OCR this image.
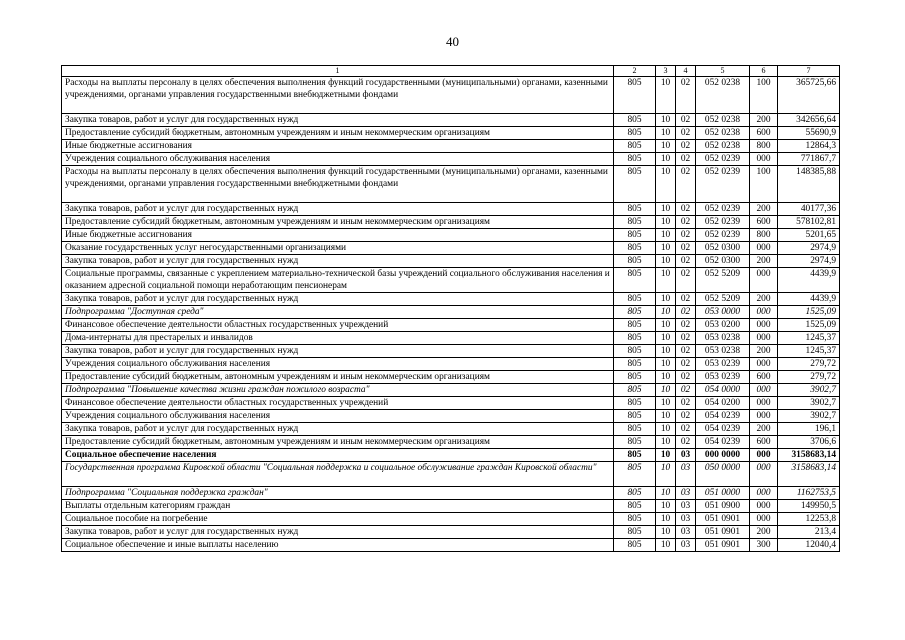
40
1	2	3	4	5	6	7
Расходы на выплаты персоналу в целях обеспечения выполнения функций государственными (муниципальными) органами, казенными учреждениями, органами управления государственными внебюджетными фондами	805	10	02	052 0238	100	365725,66
Закупка товаров, работ и услуг для государственных нужд	805	10	02	052 0238	200	342656,64
Предоставление субсидий бюджетным, автономным учреждениям и иным некоммерческим организациям	805	10	02	052 0238	600	55690,9
Иные бюджетные ассигнования	805	10	02	052 0238	800	12864,3
Учреждения социального обслуживания населения	805	10	02	052 0239	000	771867,7
Расходы на выплаты персоналу в целях обеспечения выполнения функций государственными (муниципальными) органами, казенными учреждениями, органами управления государственными внебюджетными фондами	805	10	02	052 0239	100	148385,88
Закупка товаров, работ и услуг для государственных нужд	805	10	02	052 0239	200	40177,36
Предоставление субсидий бюджетным, автономным учреждениям и иным некоммерческим организациям	805	10	02	052 0239	600	578102,81
Иные бюджетные ассигнования	805	10	02	052 0239	800	5201,65
Оказание государственных услуг негосударственными организациями	805	10	02	052 0300	000	2974,9
Закупка товаров, работ и услуг для государственных нужд	805	10	02	052 0300	200	2974,9
Социальные программы, связанные с укреплением материально-технической базы учреждений социального обслуживания населения и оказанием адресной социальной помощи неработающим пенсионерам	805	10	02	052 5209	000	4439,9
Закупка товаров, работ и услуг для государственных нужд	805	10	02	052 5209	200	4439,9
Подпрограмма "Доступная среда"	805	10	02	053 0000	000	1525,09
Финансовое обеспечение деятельности областных государственных учреждений	805	10	02	053 0200	000	1525,09
Дома-интернаты для престарелых и инвалидов	805	10	02	053 0238	000	1245,37
Закупка товаров, работ и услуг для государственных нужд	805	10	02	053 0238	200	1245,37
Учреждения социального обслуживания населения	805	10	02	053 0239	000	279,72
Предоставление субсидий бюджетным, автономным учреждениям и иным некоммерческим организациям	805	10	02	053 0239	600	279,72
Подпрограмма "Повышение качества жизни граждан пожилого возраста"	805	10	02	054 0000	000	3902,7
Финансовое обеспечение деятельности областных государственных учреждений	805	10	02	054 0200	000	3902,7
Учреждения социального обслуживания населения	805	10	02	054 0239	000	3902,7
Закупка товаров, работ и услуг для государственных нужд	805	10	02	054 0239	200	196,1
Предоставление субсидий бюджетным, автономным учреждениям и иным некоммерческим организациям	805	10	02	054 0239	600	3706,6
Социальное обеспечение населения	805	10	03	000 0000	000	3158683,14
Государственная программа Кировской области "Социальная поддержка и социальное обслуживание граждан Кировской области"	805	10	03	050 0000	000	3158683,14
Подпрограмма "Социальная поддержка граждан"	805	10	03	051 0000	000	1162753,5
Выплаты отдельным категориям граждан	805	10	03	051 0900	000	149950,5
Социальное пособие на погребение	805	10	03	051 0901	000	12253,8
Закупка товаров, работ и услуг для государственных нужд	805	10	03	051 0901	200	213,4
Социальное обеспечение и иные выплаты населению	805	10	03	051 0901	300	12040,4
